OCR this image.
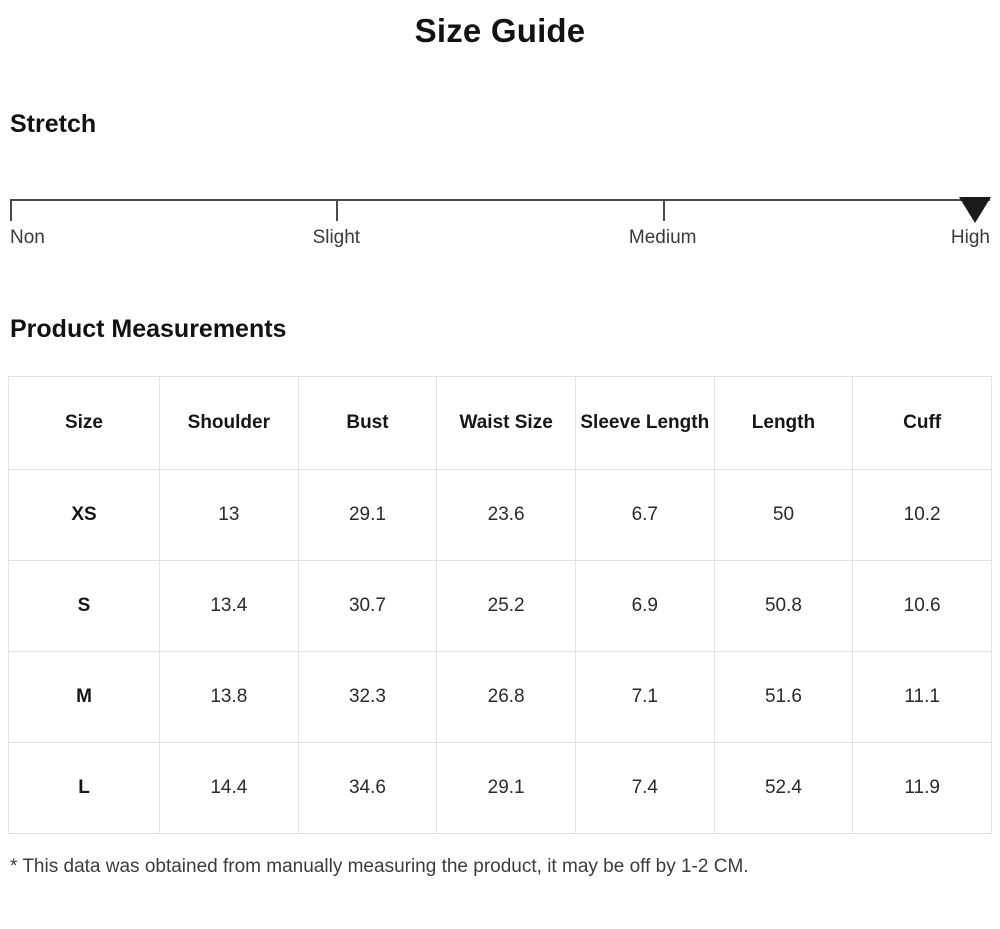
Size Guide
Stretch
Non	Slight	Medium	High
Product Measurements
Size	Shoulder	Bust	Waist Size	Sleeve Length	Length	Cuff
XS	13	29.1	23.6	6.7	50	10.2
S	13.4	30.7	25.2	6.9	50.8	10.6
M	13.8	32.3	26.8	7.1	51.6	11.1
L	14.4	34.6	29.1	7.4	52.4	11.9
* This data was obtained from manually measuring the product, it may be off by 1-2 CM.
